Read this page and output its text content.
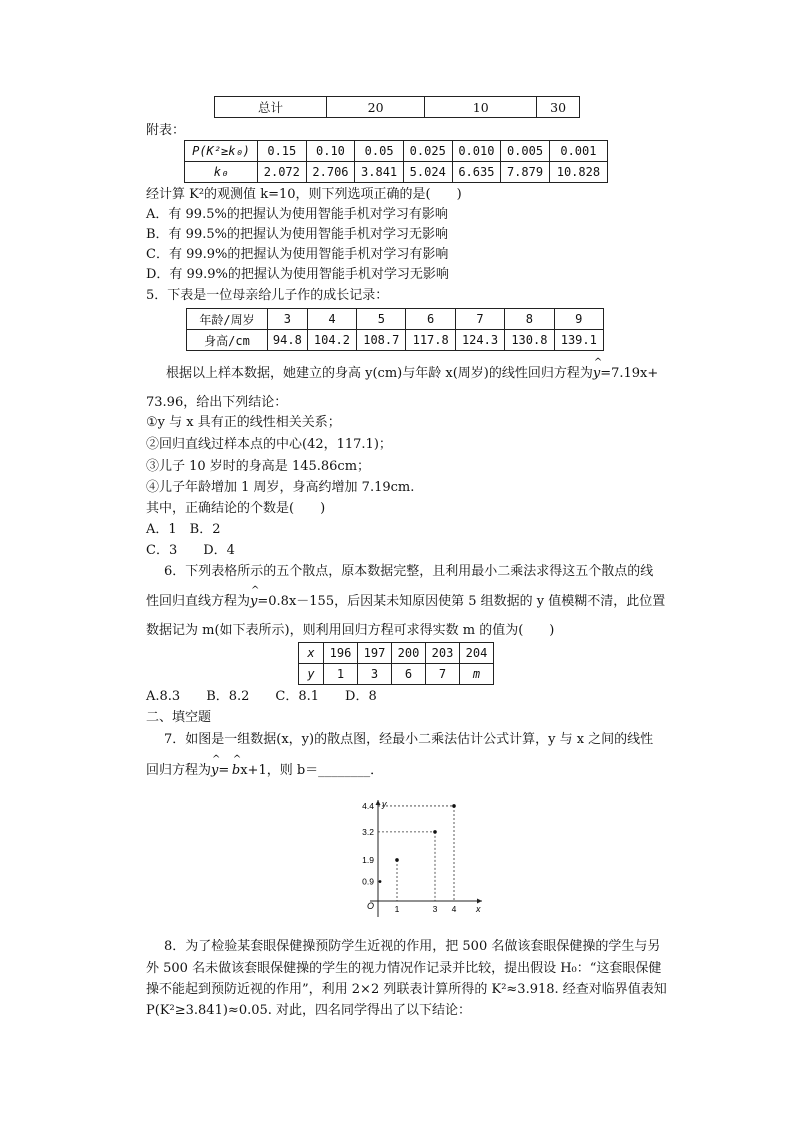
总计	20	10	30
附表：
P(K²≥k₀)	0.15	0.10	0.05	0.025	0.010	0.005	0.001
k₀	2.072	2.706	3.841	5.024	6.635	7.879	10.828
经计算 K²的观测值 k=10，则下列选项正确的是(　　)
A．有 99.5%的把握认为使用智能手机对学习有影响
B．有 99.5%的把握认为使用智能手机对学习无影响
C．有 99.9%的把握认为使用智能手机对学习有影响
D．有 99.9%的把握认为使用智能手机对学习无影响
5．下表是一位母亲给儿子作的成长记录：
年龄/周岁	3	4	5	6	7	8	9
身高/cm	94.8	104.2	108.7	117.8	124.3	130.8	139.1
根据以上样本数据，她建立的身高 y(cm)与年龄 x(周岁)的线性回归方程为^ y=7.19x+
73.96，给出下列结论：
①y 与 x 具有正的线性相关关系；
②回归直线过样本点的中心(42，117.1)；
③儿子 10 岁时的身高是 145.86cm；
④儿子年龄增加 1 周岁，身高约增加 7.19cm.
其中，正确结论的个数是(　　)
A．1　B．2
C．3　　D．4
6．下列表格所示的五个散点，原本数据完整，且利用最小二乘法求得这五个散点的线
性回归直线方程为^ y=0.8x－155，后因某未知原因使第 5 组数据的 y 值模糊不清，此位置
数据记为 m(如下表所示)，则利用回归方程可求得实数 m 的值为(　　)
x	196	197	200	203	204
y	1	3	6	7	m
A.8.3　　B．8.2　　C．8.1　　D．8
二、填空题
7．如图是一组数据(x，y)的散点图，经最小二乘法估计公式计算，y 与 x 之间的线性
回归方程为^ y=  ^ bx+1，则 b＝________．
x
y
O
0.9
1.9
3.2
4.4
1	3 4
8．为了检验某套眼保健操预防学生近视的作用，把 500 名做该套眼保健操的学生与另
外 500 名未做该套眼保健操的学生的视力情况作记录并比较，提出假设 H₀：“这套眼保健
操不能起到预防近视的作用”，利用 2×2 列联表计算所得的 K²≈3.918. 经查对临界值表知
P(K²≥3.841)≈0.05. 对此，四名同学得出了以下结论：
